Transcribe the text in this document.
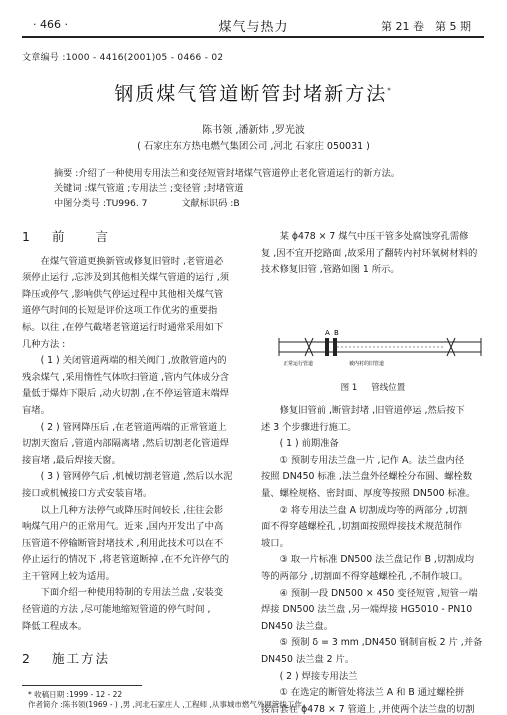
· 466 ·	煤气与热力	第 21 卷　第 5 期
文章编号 :1000 - 4416(2001)05 - 0466 - 02
钢质煤气管道断管封堵新方法*
陈书领 ,潘新炜 ,罗光波
( 石家庄东方热电燃气集团公司 ,河北 石家庄 050031 )
摘要 :介绍了一种使用专用法兰和变径短管封堵煤气管道停止老化管道运行的新方法。
关键词 :煤气管道 ;专用法兰 ;变径管 ;封堵管道
中图分类号 :TU996. 7	文献标识码 :B
1 前　　言
在煤气管道更换新管或修复旧管时 ,老管道必
须停止运行 ,忘涉及到其他相关煤气管道的运行 ,须
降压或停气 ,影响供气停运过程中其他相关煤气管
道停气时间的长短是评价这项工作优劣的重要指
标。以往 ,在停气截堵老管道运行时通常采用如下
几种方法 :
( 1 ) 关闭管道两端的相关阀门 ,放散管道内的
残余煤气 ,采用惰性气体吹扫管道 ,管内气体成分含
量低于爆炸下限后 ,动火切割 ,在不停运管道末端焊
盲堵。
( 2 ) 管网降压后 ,在老管道两端的正常管道上
切割天窗后 ,管道内部隔离堵 ,然后切割老化管道焊
接盲堵 ,最后焊接天窗。
( 3 ) 管网停气后 ,机械切割老管道 ,然后以水泥
接口或机械接口方式安装盲堵。
以上几种方法停气或降压时间较长 ,往往会影
响煤气用户的正常用气。近来 ,国内开发出了中高
压管道不停输断管封堵技术 ,利用此技术可以在不
停止运行的情况下 ,将老管道断掉 ,在不允许停气的
主干管网上较为适用。
下面介绍一种使用特制的专用法兰盘 ,安装变
径管道的方法 ,尽可能地缩短管道的停气时间 ,
降低工程成本。
2 施工方法
某 ϕ478 × 7 煤气中压干管多处腐蚀穿孔需修
复 ,因不宜开挖路面 ,故采用了翻转内衬环氧树材料的
技术修复旧管 ,管路如图 1 所示。
A B
正常运行管道	被内衬的旧管道
图 1 管线位置
修复旧管前 ,断管封堵 ,旧管道停运 ,然后按下
述 3 个步骤进行施工。
( 1 ) 前期准备
① 预制专用法兰盘一片 ,记作 A。法兰盘内径
按照 DN450 标准 ,法兰盘外径螺栓分布圆、螺栓数
量、螺栓规格、密封面、厚度等按照 DN500 标准。
② 将专用法兰盘 A 切割成均等的两部分 ,切割
面不得穿越螺栓孔 ,切割面按照焊接技术规范制作
坡口。
③ 取一片标准 DN500 法兰盘记作 B ,切割成均
等的两部分 ,切割面不得穿越螺栓孔 ,不制作坡口。
④ 预制一段 DN500 × 450 变径短管 ,短管一端
焊接 DN500 法兰盘 ,另一端焊接 HG5010 - PN10
DN450 法兰盘。
⑤ 预制 δ = 3 mm ,DN450 钢制盲板 2 片 ,并备
DN450 法兰盘 2 片。
( 2 ) 焊接专用法兰
① 在选定的断管处将法兰 A 和 B 通过螺栓拼
接后套在 ϕ478 × 7 管道上 ,并使两个法兰盘的切割
* 收稿日期 :1999 - 12 - 22
作者简介 :陈书领(1969 - ) ,男 ,河北石家庄人 ,工程师 ,从事城市燃气外网管线工作。
